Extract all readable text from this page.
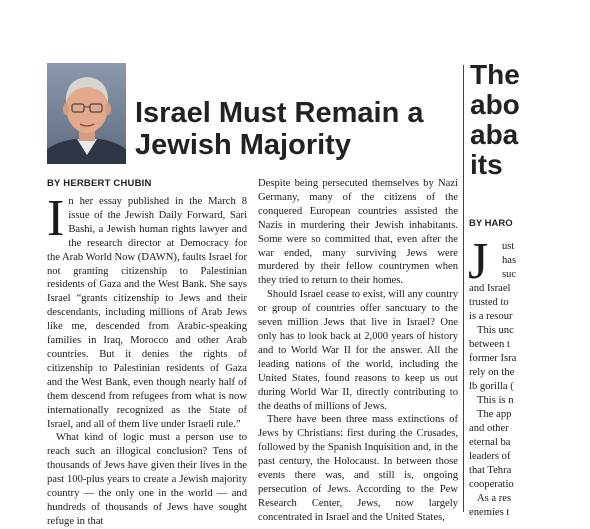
Israel Must Remain a Jewish Majority
BY HERBERT CHUBIN

In her essay published in the March 8 issue of the Jewish Daily Forward, Sari Bashi, a Jewish human rights lawyer and the research director at Democracy for the Arab World Now (DAWN), faults Israel for not granting citizenship to Palestinian residents of Gaza and the West Bank. She says Israel “grants citizenship to Jews and their descendants, including millions of Arab Jews like me, descended from Arabic-speaking families in Iraq, Morocco and other Arab countries. But it denies the rights of citizenship to Palestinian residents of Gaza and the West Bank, even though nearly half of them descend from refugees from what is now internationally recognized as the State of Israel, and all of them live under Israeli rule.”

What kind of logic must a person use to reach such an illogical conclusion? Tens of thousands of Jews have given their lives in the past 100-plus years to create a Jewish majority country — the only one in the world — and hundreds of thousands of Jews have sought refuge in that

Despite being persecuted themselves by Nazi Germany, many of the citizens of the conquered European countries assisted the Nazis in murdering their Jewish inhabitants. Some were so committed that, even after the war ended, many surviving Jews were murdered by their fellow countrymen when they tried to return to their homes.

Should Israel cease to exist, will any country or group of countries offer sanctuary to the seven million Jews that live in Israel? One only has to look back at 2,000 years of history and to World War II for the answer. All the leading nations of the world, including the United States, found reasons to keep us out during World War II, directly contributing to the deaths of millions of Jews.

There have been three mass extinctions of Jews by Christians: first during the Crusades, followed by the Spanish Inquisition and, in the past century, the Holocaust. In between those events there was, and still is, ongoing persecution of Jews. According to the Pew Research Center, Jews, now largely concentrated in Israel and the United States,

The
abo
aba
its
BY HARO
J ust
has
suc
and Israel
trusted to
is a resour
This unc
between t
former Isra
rely on the
lb gorilla (
This is n
The app
and other
eternal ba
leaders of
that Tehra
cooperatio
As a res
enemies t
